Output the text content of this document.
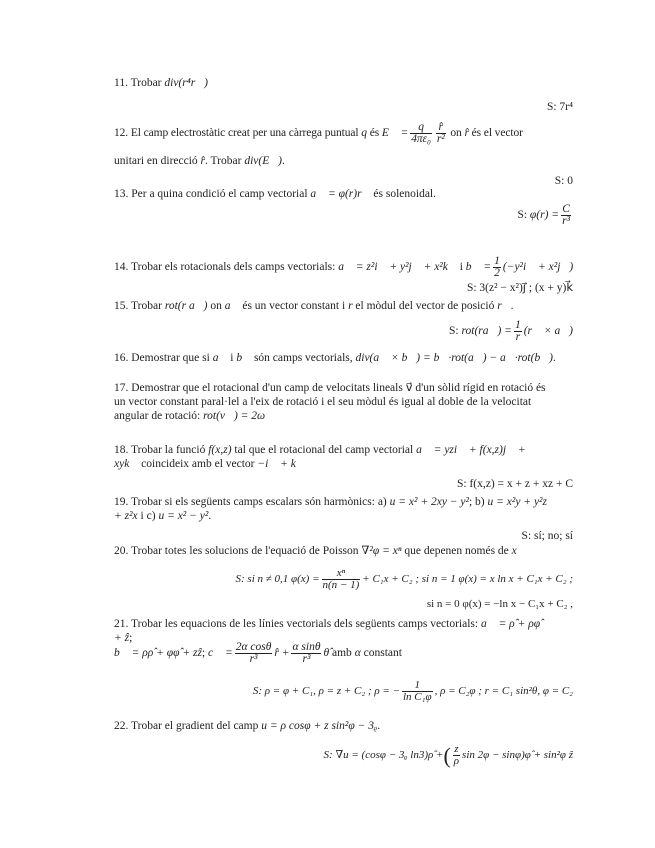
11. Trobar div(r⁴r⃗)
S: 7r⁴
12. El camp electrostàtic creat per una càrrega puntual q és E⃗ = $\frac{q}{\text{4πε₀}} \frac{r̂}{\text{r²}}$ on r̂ és el vector
unitari en direcció r̂. Trobar div(E⃗).
S: 0
13. Per a quina condició el camp vectorial a⃗ = φ(r)r⃗ és solenoidal.
S: $\varphi(r) = \frac{C}{\text{r³}}$
14. Trobar els rotacionals dels camps vectorials: a⃗ = z²i⃗ + y²j⃗ + x²k⃗ i b⃗ = $\frac{1}{2}$ (−y²i⃗ + x²j⃗)
S: 3(z² − x²)j⃗ ; (x + y)k⃗
15. Trobar rot(r a⃗) on a⃗ és un vector constant i r el mòdul del vector de posició r⃗.
S: rot(ra⃗) = $\frac{1}{r}$ (r⃗ × a⃗)
16. Demostrar que si a⃗ i b⃗ són camps vectorials, div(a⃗ × b⃗) = b⃗·rot(a⃗) − a⃗·rot(b⃗).
17. Demostrar que el rotacional d'un camp de velocitats lineals v⃗ d'un sòlid rígid en rotació és un vector constant paral·lel a l'eix de rotació i el seu mòdul és igual al doble de la velocitat angular de rotació: rot(v⃗) = 2ω⃗
18. Trobar la funció f(x,z) tal que el rotacional del camp vectorial a⃗ = yzi⃗ + f(x,z)j⃗ + xyk⃗ coincideix amb el vector −i⃗ + k⃗
S: f(x,z) = x + z + xz + C
19. Trobar si els següents camps escalars són harmònics: a) u = x² + 2xy − y²; b) u = x²y + y²z + z²x i c) u = x² − y².
S: sí; no; sí
20. Trobar totes les solucions de l'equació de Poisson ∇²φ = xⁿ que depenen només de x
S: si n ≠ 0,1 $\varphi(x) = \frac{\text{xⁿ}}{n(n - 1)} + C_1x + C_2$ ; si n = 1 φ(x) = x ln x + C₁x + C₂ ;
si n = 0 φ(x) = −ln x − C₁x + C₂ ,
21. Trobar les equacions de les línies vectorials dels següents camps vectorials: a⃗ = ρ̂ + ρφ̂ + ẑ;
b⃗ = ρρ̂ + φφ̂ + zẑ; c⃗ = $\frac{\text{2α cosθ}}{\text{r³}}$ r̂ + $\frac{\text{α sinθ}}{\text{r³}}$ θ̂ amb α constant
S: ρ = φ + C₁, ρ = z + C₂ ; ρ = − $\frac{1}{\text{ln C₁φ}}$ , ρ = C₂φ ; r = C₁ sin²θ, φ = C₂
22. Trobar el gradient del camp u = ρ cosφ + z sin²φ − 3ᵨ.
S: ∇u = (cosφ − 3ᵨ ln3)ρ̂ +( $\frac{z}{\rho}$ sin 2φ − sinφ)φ̂ + sin²φ ẑ
